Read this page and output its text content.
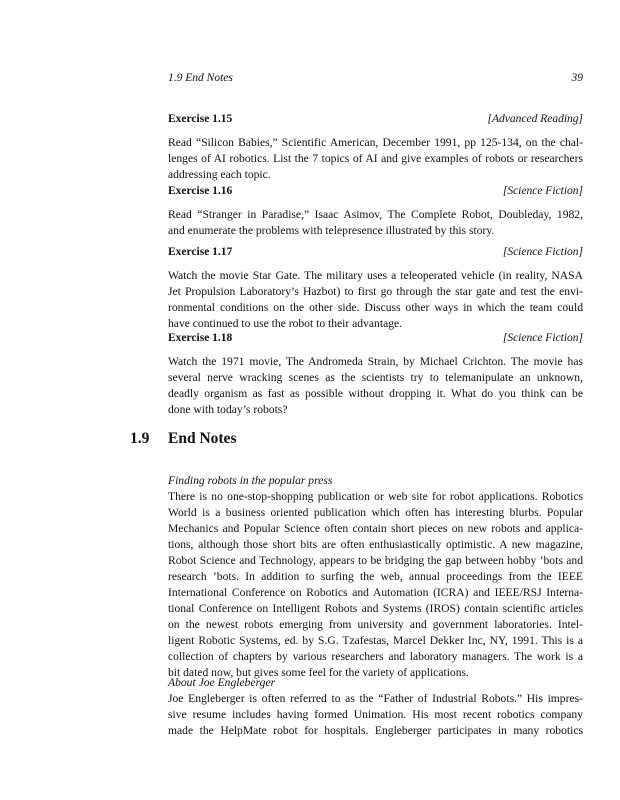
1.9 End Notes	39
Exercise 1.15	[Advanced Reading]
Read “Silicon Babies,” Scientific American, December 1991, pp 125-134, on the chal-
lenges of AI robotics. List the 7 topics of AI and give examples of robots or researchers
addressing each topic.
Exercise 1.16	[Science Fiction]
Read “Stranger in Paradise,” Isaac Asimov, The Complete Robot, Doubleday, 1982,
and enumerate the problems with telepresence illustrated by this story.
Exercise 1.17	[Science Fiction]
Watch the movie Star Gate. The military uses a teleoperated vehicle (in reality, NASA
Jet Propulsion Laboratory’s Hazbot) to first go through the star gate and test the envi-
ronmental conditions on the other side. Discuss other ways in which the team could
have continued to use the robot to their advantage.
Exercise 1.18	[Science Fiction]
Watch the 1971 movie, The Andromeda Strain, by Michael Crichton. The movie has
several nerve wracking scenes as the scientists try to telemanipulate an unknown,
deadly organism as fast as possible without dropping it. What do you think can be
done with today’s robots?
1.9 End Notes
Finding robots in the popular press
There is no one-stop-shopping publication or web site for robot applications. Robotics
World is a business oriented publication which often has interesting blurbs. Popular
Mechanics and Popular Science often contain short pieces on new robots and applica-
tions, although those short bits are often enthusiastically optimistic. A new magazine,
Robot Science and Technology, appears to be bridging the gap between hobby ’bots and
research ’bots. In addition to surfing the web, annual proceedings from the IEEE
International Conference on Robotics and Automation (ICRA) and IEEE/RSJ Interna-
tional Conference on Intelligent Robots and Systems (IROS) contain scientific articles
on the newest robots emerging from university and government laboratories. Intel-
ligent Robotic Systems, ed. by S.G. Tzafestas, Marcel Dekker Inc, NY, 1991. This is a
collection of chapters by various researchers and laboratory managers. The work is a
bit dated now, but gives some feel for the variety of applications.
About Joe Engleberger
Joe Engleberger is often referred to as the “Father of Industrial Robots.” His impres-
sive resume includes having formed Unimation. His most recent robotics company
made the HelpMate robot for hospitals. Engleberger participates in many robotics
